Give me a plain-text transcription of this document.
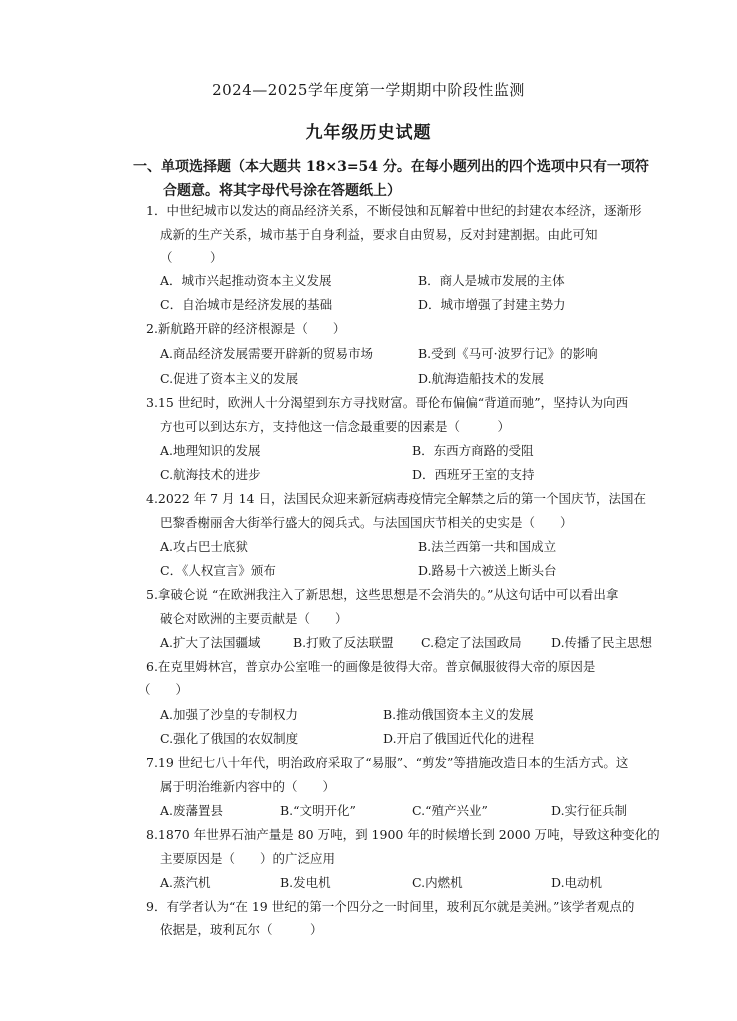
2024—2025学年度第一学期期中阶段性监测
九年级历史试题
一、单项选择题（本大题共 18×3=54 分。在每小题列出的四个选项中只有一项符
合题意。将其字母代号涂在答题纸上）
1．中世纪城市以发达的商品经济关系，不断侵蚀和瓦解着中世纪的封建农本经济，逐渐形
成新的生产关系，城市基于自身利益，要求自由贸易，反对封建割据。由此可知
（　　　）
A．城市兴起推动资本主义发展	B．商人是城市发展的主体
C．自治城市是经济发展的基础	D．城市增强了封建主势力
2.新航路开辟的经济根源是（　　）
A.商品经济发展需要开辟新的贸易市场	B.受到《马可·波罗行记》的影响
C.促进了资本主义的发展	D.航海造船技术的发展
3.15 世纪时，欧洲人十分渴望到东方寻找财富。哥伦布偏偏“背道而驰”，坚持认为向西
方也可以到达东方，支持他这一信念最重要的因素是（　　　）
A.地理知识的发展	B．东西方商路的受阻
C.航海技术的进步	D．西班牙王室的支持
4.2022 年 7 月 14 日，法国民众迎来新冠病毒疫情完全解禁之后的第一个国庆节，法国在
巴黎香榭丽舍大街举行盛大的阅兵式。与法国国庆节相关的史实是（　　）
A.攻占巴士底狱	B.法兰西第一共和国成立
C．《人权宣言》颁布	D.路易十六被送上断头台
5.拿破仑说 “在欧洲我注入了新思想，这些思想是不会消失的。”从这句话中可以看出拿
破仑对欧洲的主要贡献是（　　）
A.扩大了法国疆域	B.打败了反法联盟 C.稳定了法国政局 D.传播了民主思想
6.在克里姆林宫，普京办公室唯一的画像是彼得大帝。普京佩服彼得大帝的原因是
（　　）
A.加强了沙皇的专制权力	B.推动俄国资本主义的发展
C.强化了俄国的农奴制度	D.开启了俄国近代化的进程
7.19 世纪七八十年代，明治政府采取了“易服”、“剪发”等措施改造日本的生活方式。这
属于明治维新内容中的（　　）
A.废藩置县	B.“文明开化”	C.“殖产兴业”	D.实行征兵制
8.1870 年世界石油产量是 80 万吨，到 1900 年的时候增长到 2000 万吨，导致这种变化的
主要原因是（　　）的广泛应用
A.蒸汽机	B.发电机	C.内燃机	D.电动机
9．有学者认为“在 19 世纪的第一个四分之一时间里，玻利瓦尔就是美洲。”该学者观点的
依据是，玻利瓦尔（　　　）
